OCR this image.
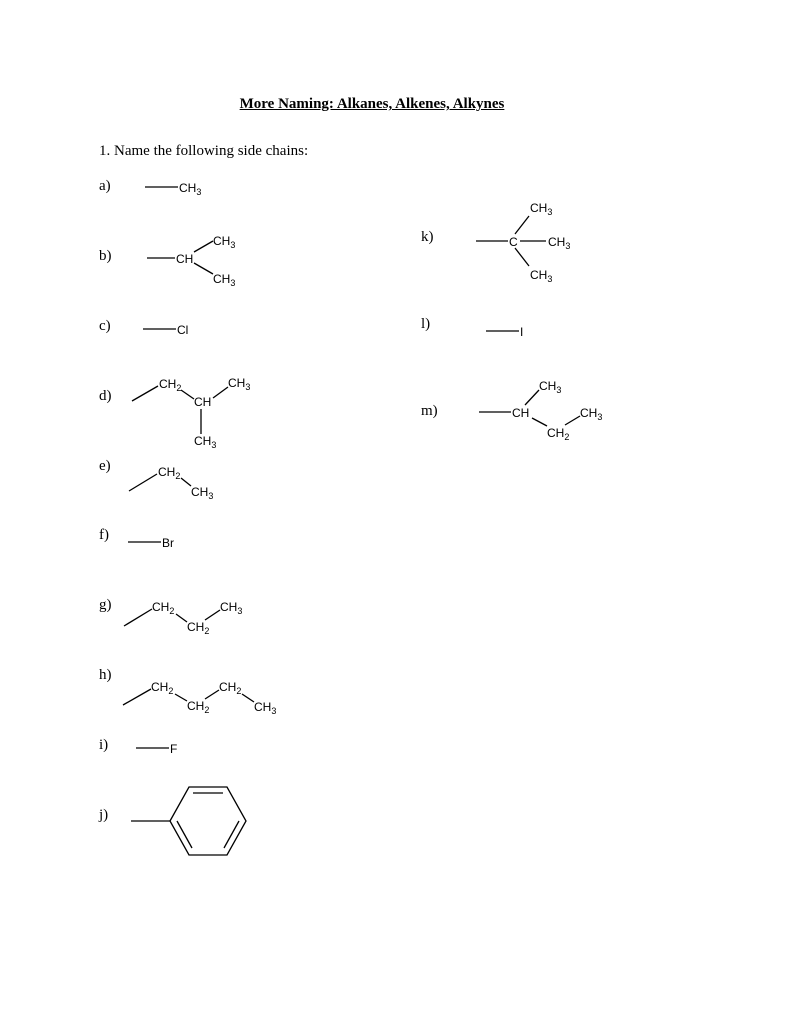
More Naming: Alkanes, Alkenes, Alkynes
1. Name the following side chains:
a)
b)
c)
d)
e)
f)
g)
h)
i)
j)
k)
l)
m)
$CH_3$
CH
$CH_3$
$CH_3$
Cl
$CH_2$
CH
$CH_3$
$CH_3$
$CH_2$
$CH_3$
Br
$CH_2$
$CH_2$
$CH_3$
$CH_2$
$CH_2$
$CH_2$
$CH_3$
F
C	$CH_3$
$CH_3$
$CH_3$
I
CH
$CH_3$
$CH_2$
$CH_3$
